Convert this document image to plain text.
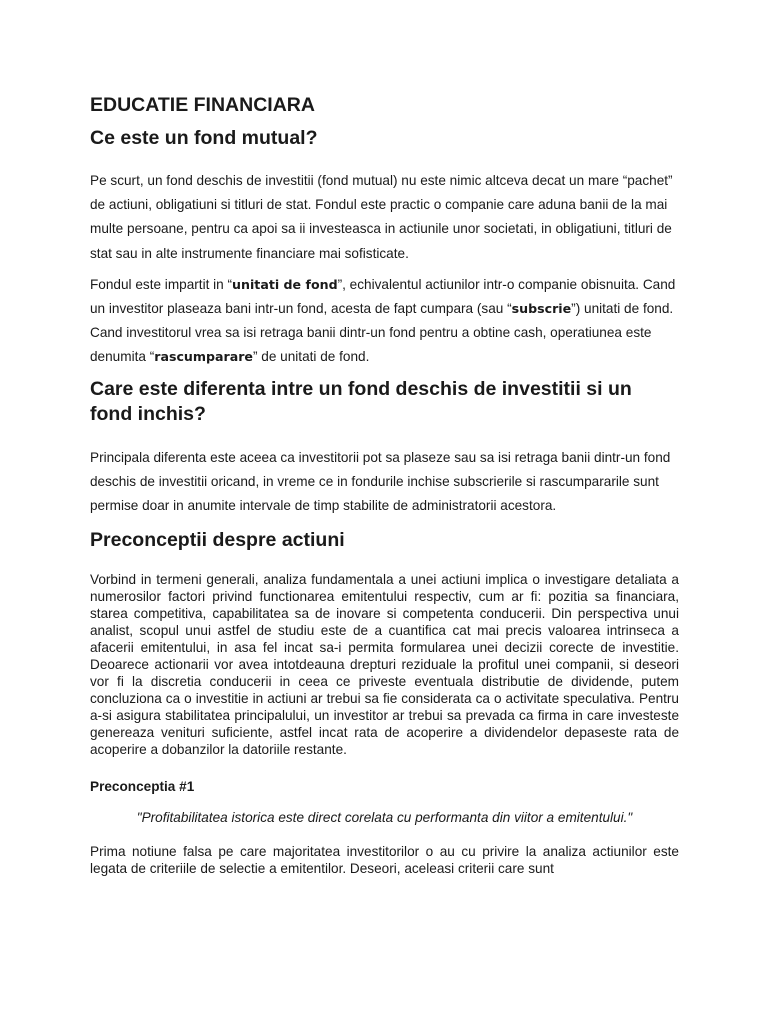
EDUCATIE FINANCIARA
Ce este un fond mutual?

Pe scurt, un fond deschis de investitii (fond mutual) nu este nimic altceva decat un mare “pachet” de actiuni, obligatiuni si titluri de stat. Fondul este practic o companie care aduna banii de la mai multe persoane, pentru ca apoi sa ii investeasca in actiunile unor societati, in obligatiuni, titluri de stat sau in alte instrumente financiare mai sofisticate.

Fondul este impartit in “unitati de fond”, echivalentul actiunilor intr-o companie obisnuita. Cand un investitor plaseaza bani intr-un fond, acesta de fapt cumpara (sau “subscrie”) unitati de fond. Cand investitorul vrea sa isi retraga banii dintr-un fond pentru a obtine cash, operatiunea este denumita “rascumparare” de unitati de fond.

Care este diferenta intre un fond deschis de investitii si un fond inchis?

Principala diferenta este aceea ca investitorii pot sa plaseze sau sa isi retraga banii dintr-un fond deschis de investitii oricand, in vreme ce in fondurile inchise subscrierile si rascumpararile sunt permise doar in anumite intervale de timp stabilite de administratorii acestora.

Preconceptii despre actiuni

Vorbind in termeni generali, analiza fundamentala a unei actiuni implica o investigare detaliata a numerosilor factori privind functionarea emitentului respectiv, cum ar fi: pozitia sa financiara, starea competitiva, capabilitatea sa de inovare si competenta conducerii. Din perspectiva unui analist, scopul unui astfel de studiu este de a cuantifica cat mai precis valoarea intrinseca a afacerii emitentului, in asa fel incat sa-i permita formularea unei decizii corecte de investitie. Deoarece actionarii vor avea intotdeauna drepturi reziduale la profitul unei companii, si deseori vor fi la discretia conducerii in ceea ce priveste eventuala distributie de dividende, putem concluziona ca o investitie in actiuni ar trebui sa fie considerata ca o activitate speculativa. Pentru a-si asigura stabilitatea principalului, un investitor ar trebui sa prevada ca firma in care investeste genereaza venituri suficiente, astfel incat rata de acoperire a dividendelor depaseste rata de acoperire a dobanzilor la datoriile restante.

Preconceptia #1
"Profitabilitatea istorica este direct corelata cu performanta din viitor a emitentului."

Prima notiune falsa pe care majoritatea investitorilor o au cu privire la analiza actiunilor este legata de criteriile de selectie a emitentilor. Deseori, aceleasi criterii care sunt
